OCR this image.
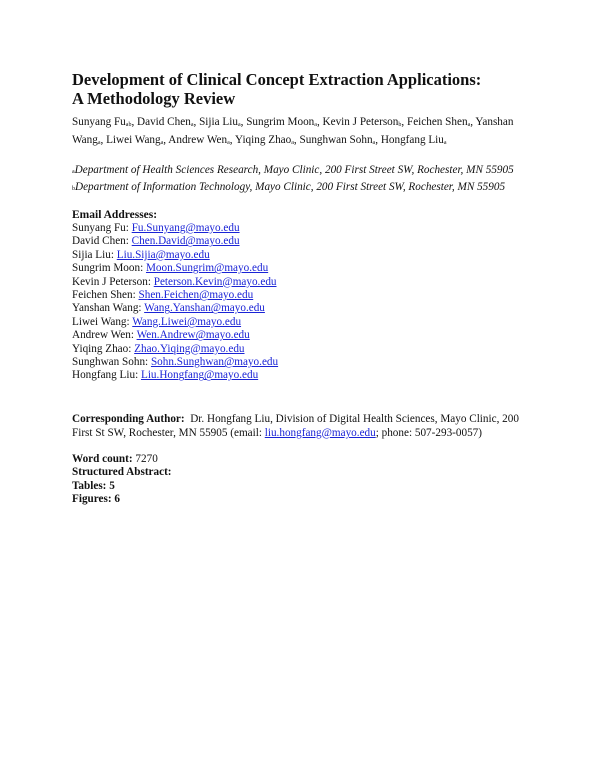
Development of Clinical Concept Extraction Applications: A Methodology Review
Sunyang $Fu_{ab}$, David Chen$_a$, Sijia Liu$_a$, Sungrim Moon$_a$, Kevin J Peterson$_b$, Feichen Shen$_a$, Yanshan Wang$_a$, Liwei Wang$_a$, Andrew Wen$_a$, Yiqing Zhao$_a$, Sunghwan Sohn$_a$, Hongfang Liu$_a$
aDepartment of Health Sciences Research, Mayo Clinic, 200 First Street SW, Rochester, MN 55905
bDepartment of Information Technology, Mayo Clinic, 200 First Street SW, Rochester, MN 55905
Email Addresses:
Sunyang Fu: Fu.Sunyang@mayo.edu
David Chen: Chen.David@mayo.edu
Sijia Liu: Liu.Sijia@mayo.edu
Sungrim Moon: Moon.Sungrim@mayo.edu
Kevin J Peterson: Peterson.Kevin@mayo.edu
Feichen Shen: Shen.Feichen@mayo.edu
Yanshan Wang: Wang.Yanshan@mayo.edu
Liwei Wang: Wang.Liwei@mayo.edu
Andrew Wen: Wen.Andrew@mayo.edu
Yiqing Zhao: Zhao.Yiqing@mayo.edu
Sunghwan Sohn: Sohn.Sunghwan@mayo.edu
Hongfang Liu: Liu.Hongfang@mayo.edu
Corresponding Author: Dr. Hongfang Liu, Division of Digital Health Sciences, Mayo Clinic, 200 First St SW, Rochester, MN 55905 (email: liu.hongfang@mayo.edu; phone: 507-293-0057)
Word count: 7270
Structured Abstract:
Tables: 5
Figures: 6
